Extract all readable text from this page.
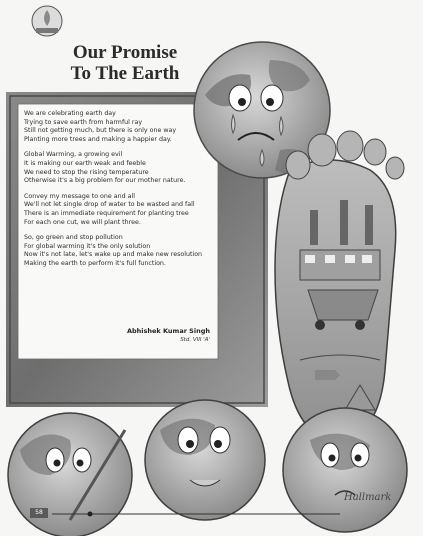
Our Promise
To The Earth
We are celebrating earth day
Trying to save earth from harmful ray
Still not getting much, but there is only one way
Planting more trees and making a happier day.
Global Warming, a growing evil
It is making our earth weak and feeble
We need to stop the rising temperature
Otherwise it's a big problem for our mother nature.
Convey my message to one and all
We'll not let single drop of water to be wasted and fall
There is an immediate requirement for planting tree
For each one cut, we will plant three.
So, go green and stop pollution
For global warming it's the only solution
Now it's not late, let's wake up and make new resolution
Making the earth to perform it's full function.
Abhishek Kumar Singh
Std. VIII 'A'
58
Hallmark
